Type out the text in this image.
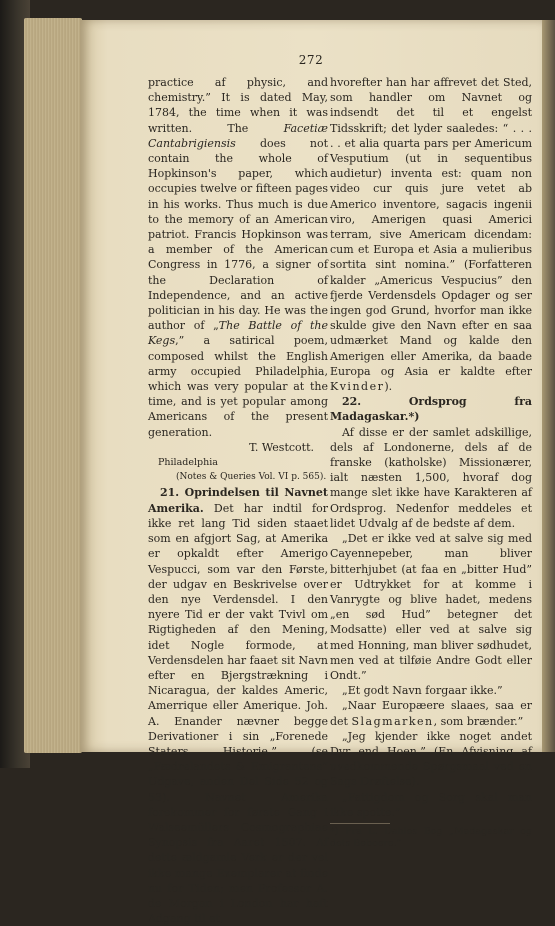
272

practice af physic, and chemistry.” It is dated May, 1784, the time when it was written. The	Facetiæ Cantabrigiensis does not contain the whole of Hopkinson's paper, which occupies twelve or fifteen pages in his works. Thus much is due to the memory of an American patriot. Francis Hopkinson was a member of the American Congress in 1776, a signer of the Declaration of Independence, and an active politician in his day. He was the author of „The Battle of the Kegs,” a satirical poem, composed whilst the English army occupied Philadelphia, which was very popular at the time, and is yet popular among Americans of the present generation.

T. Westcott.

Philadelphia

(Notes & Queries Vol. VI p. 565).

21. Oprindelsen til Navnet Amerika. Det har indtil for ikke ret lang Tid siden staaet som en afgjort Sag, at Amerika er opkaldt efter Amerigo Vespucci, som var den Første, der udgav en Beskrivelse over den nye Verdensdel. I den nyere Tid er der vakt Tvivl om Rigtigheden af den Mening, idet Nogle formode, at Verdensdelen har faaet sit Navn efter en Bjergstrækning i Nicaragua, der kaldes Americ, Amerrique eller Amerique. Joh. A. Enander nævner begge Derivationer i sin „Forenede Staters Historie.” (se „Fædrelandets & Emigrantens” Udgave, anden Del Side 52 og 53). Navnet Amerika forekommer for første Gang i Walseemüllers Cosmographiae Synopsis fra Aaret 1507. Af dette ældgamle Verk er der vel ikke mange Exemplarer at finde nu for Tiden; men Professor A. de Morgan i London har haft Adgang til et,

hvorefter han har affrevet det Sted, som handler om Navnet og indsendt det til et engelst Tidsskrift; det lyder saaledes: “ . . . . . et alia quarta pars per Americum Vesputium (ut in sequentibus audietur) inventa est: quam non video cur quis jure vetet ab Americo inventore, sagacis ingenii viro, Amerigen quasi Americi terram, sive Americam dicendam: cum et Europa et Asia a mulieribus sortita sint nomina.” (Forfatteren kalder „Americus Vespucius” den fjerde Verdensdels Opdager og ser ingen god Grund, hvorfor man ikke skulde give den Navn efter en saa udmærket Mand og kalde den Amerigen eller Amerika, da baade Europa og Asia er kaldte efter Kvinder).

22. Ordsprog fra Madagaskar.*)

Af disse er der samlet adskillige, dels af Londonerne, dels af de franske (katholske) Missionærer, ialt næsten 1,500, hvoraf dog mange slet ikke have Karakteren af Ordsprog. Nedenfor meddeles et lidet Udvalg af de bedste af dem.

„Det er ikke ved at salve sig med Cayennepeber, man bliver bitterhjubet (at faa en „bitter Hud” er Udtrykket for at komme i Vanrygte og blive hadet, medens „en sød Hud” betegner det Modsatte) eller ved at salve sig med Honning, man bliver sødhudet, men ved at tilføie Andre Godt eller Ondt.”

„Et godt Navn forgaar ikke.”

„Naar Europæere slaaes, saa er det Slagmarken, som brænder.”

„Jeg kjender ikke noget andet Dyr end Hoen.” (En Afvisning af uvedkommende Spørgsmaal ved en Sags Drøftelse).

„Fattigdom og Sorg skal man ikke spotte.”

*) Fra L. Dahles Bog „Madagaskar og dets Beboere.”
